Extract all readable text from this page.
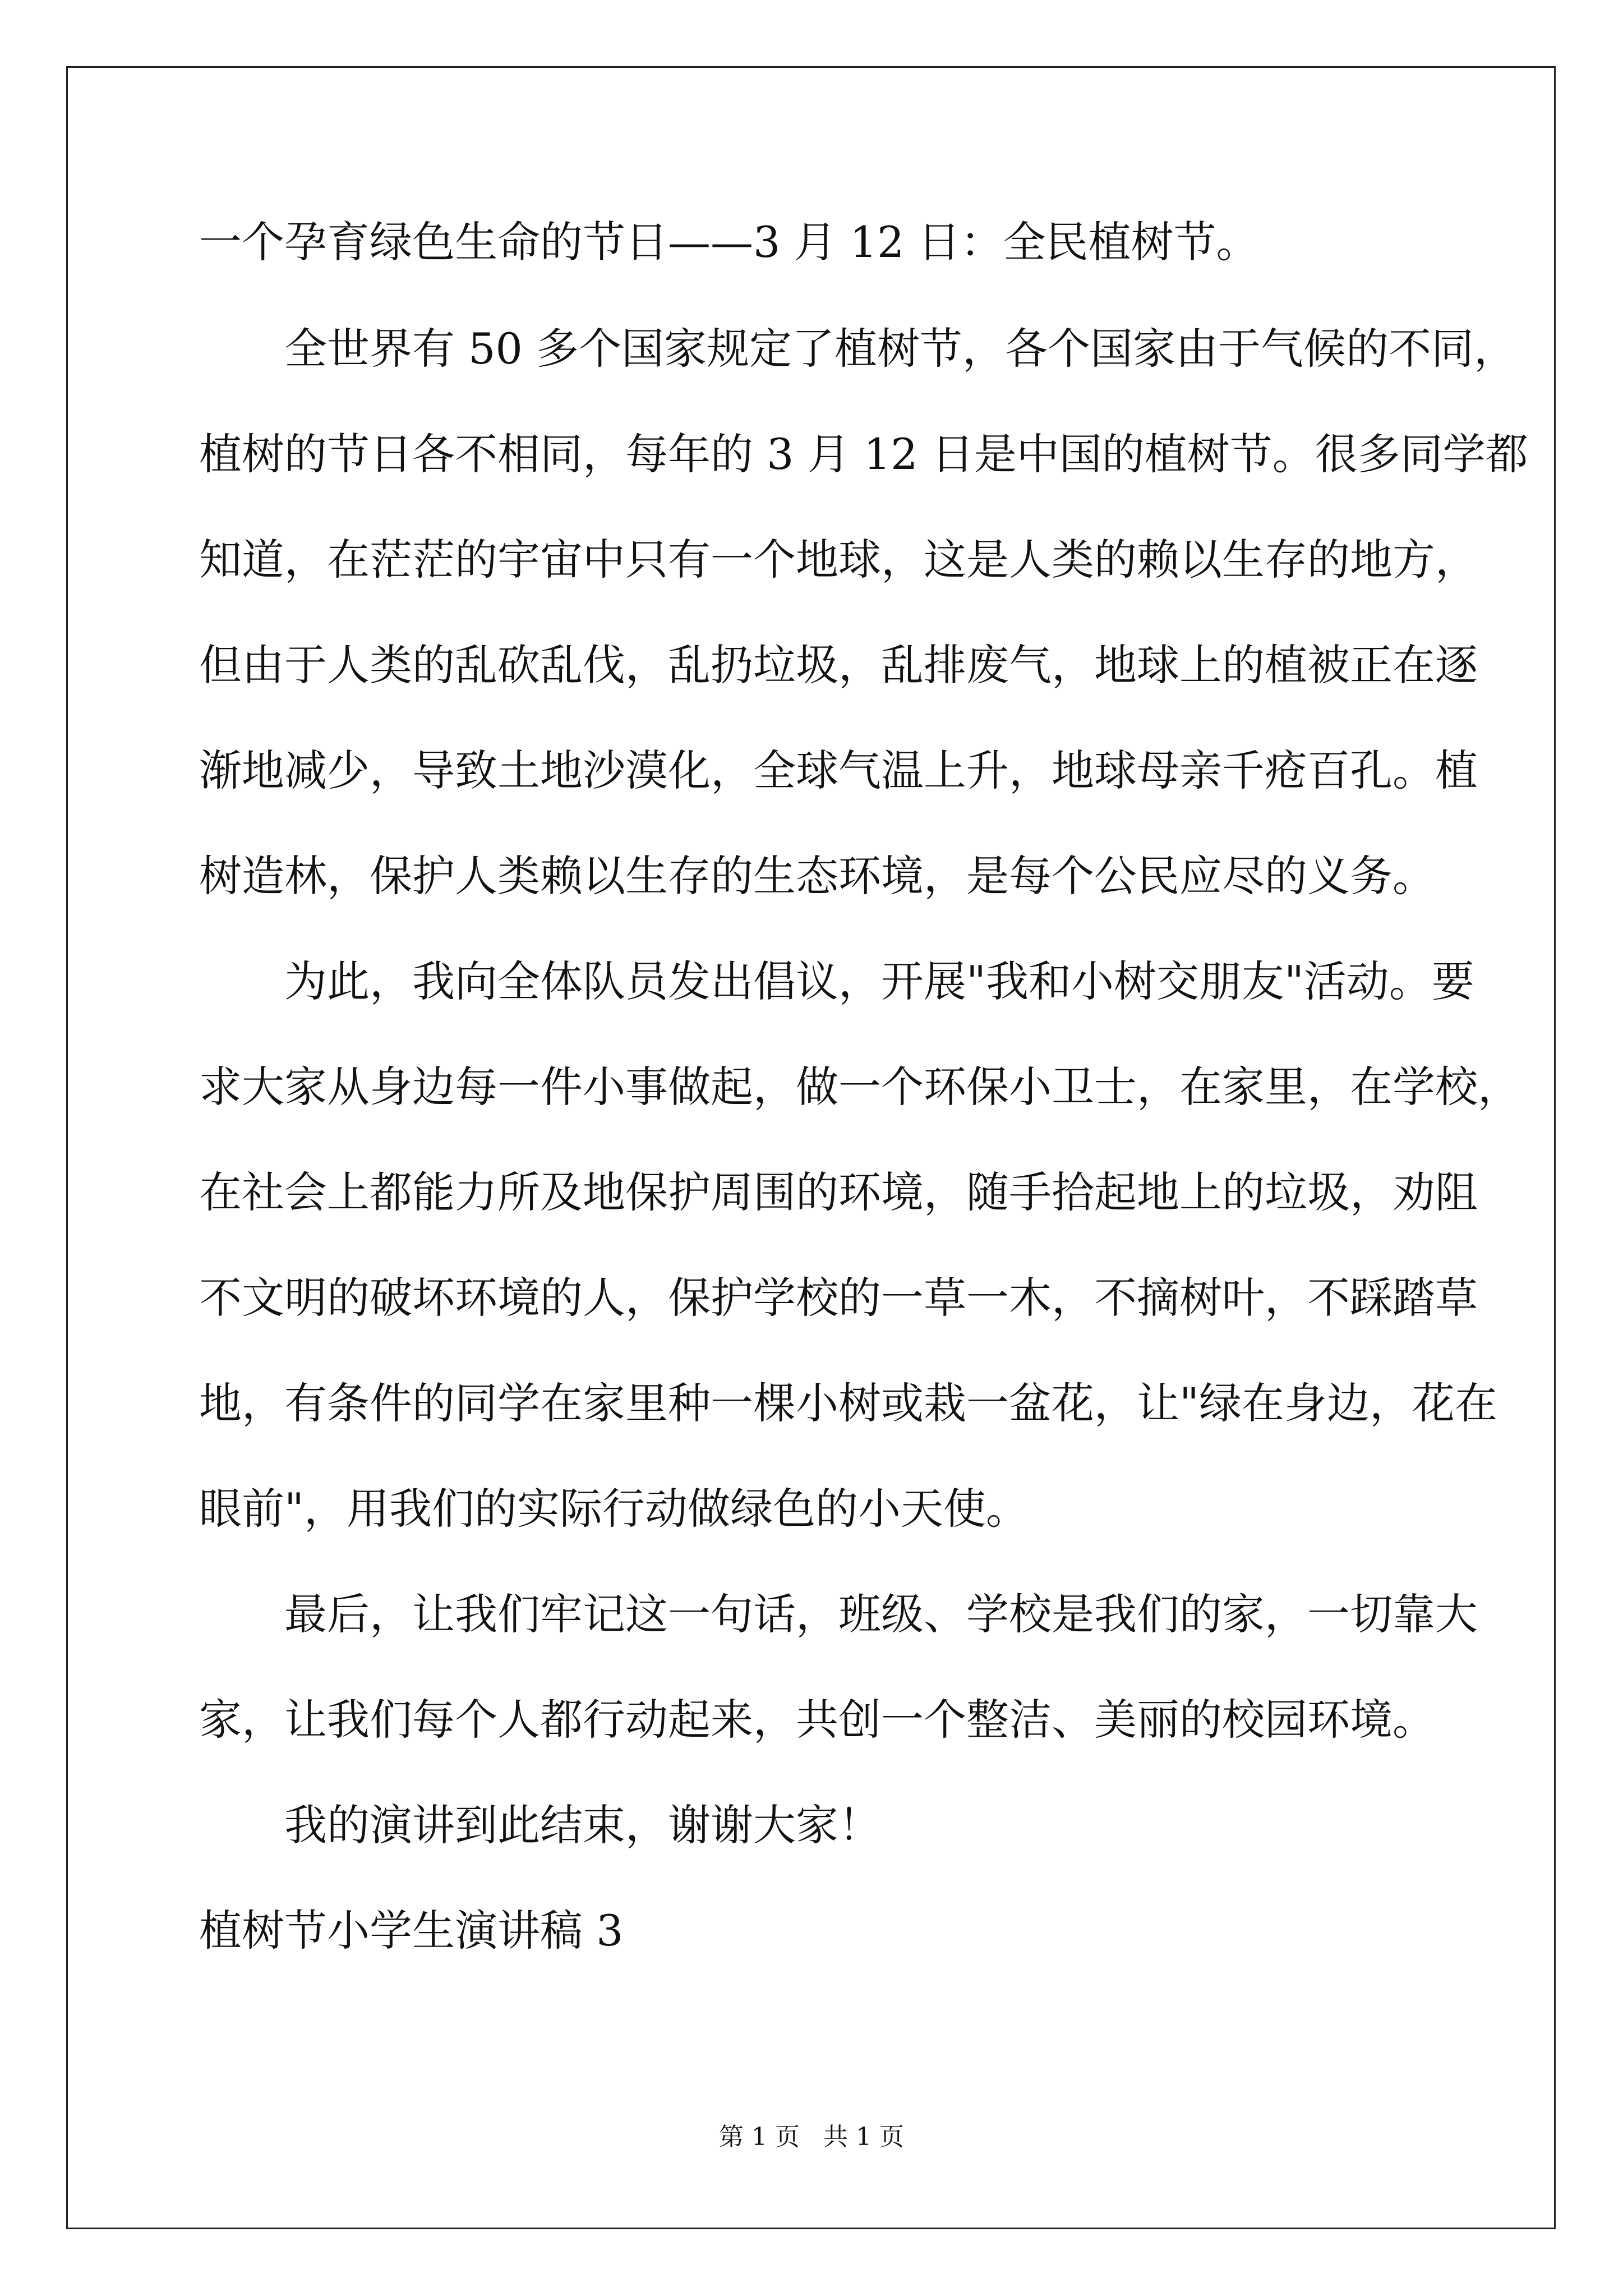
一个孕育绿色生命的节日——3 月 12 日：全民植树节。
全世界有 50 多个国家规定了植树节，各个国家由于气候的不同，
植树的节日各不相同，每年的 3 月 12 日是中国的植树节。很多同学都
知道，在茫茫的宇宙中只有一个地球，这是人类的赖以生存的地方，
但由于人类的乱砍乱伐，乱扔垃圾，乱排废气，地球上的植被正在逐
渐地减少，导致土地沙漠化，全球气温上升，地球母亲千疮百孔。植
树造林，保护人类赖以生存的生态环境，是每个公民应尽的义务。
为此，我向全体队员发出倡议，开展"我和小树交朋友"活动。要
求大家从身边每一件小事做起，做一个环保小卫士，在家里，在学校，
在社会上都能力所及地保护周围的环境，随手拾起地上的垃圾，劝阻
不文明的破坏环境的人，保护学校的一草一木，不摘树叶，不踩踏草
地，有条件的同学在家里种一棵小树或栽一盆花，让"绿在身边，花在
眼前"，用我们的实际行动做绿色的小天使。
最后，让我们牢记这一句话，班级、学校是我们的家，一切靠大
家，让我们每个人都行动起来，共创一个整洁、美丽的校园环境。
我的演讲到此结束，谢谢大家！
植树节小学生演讲稿 3
第 1 页   共 1 页
